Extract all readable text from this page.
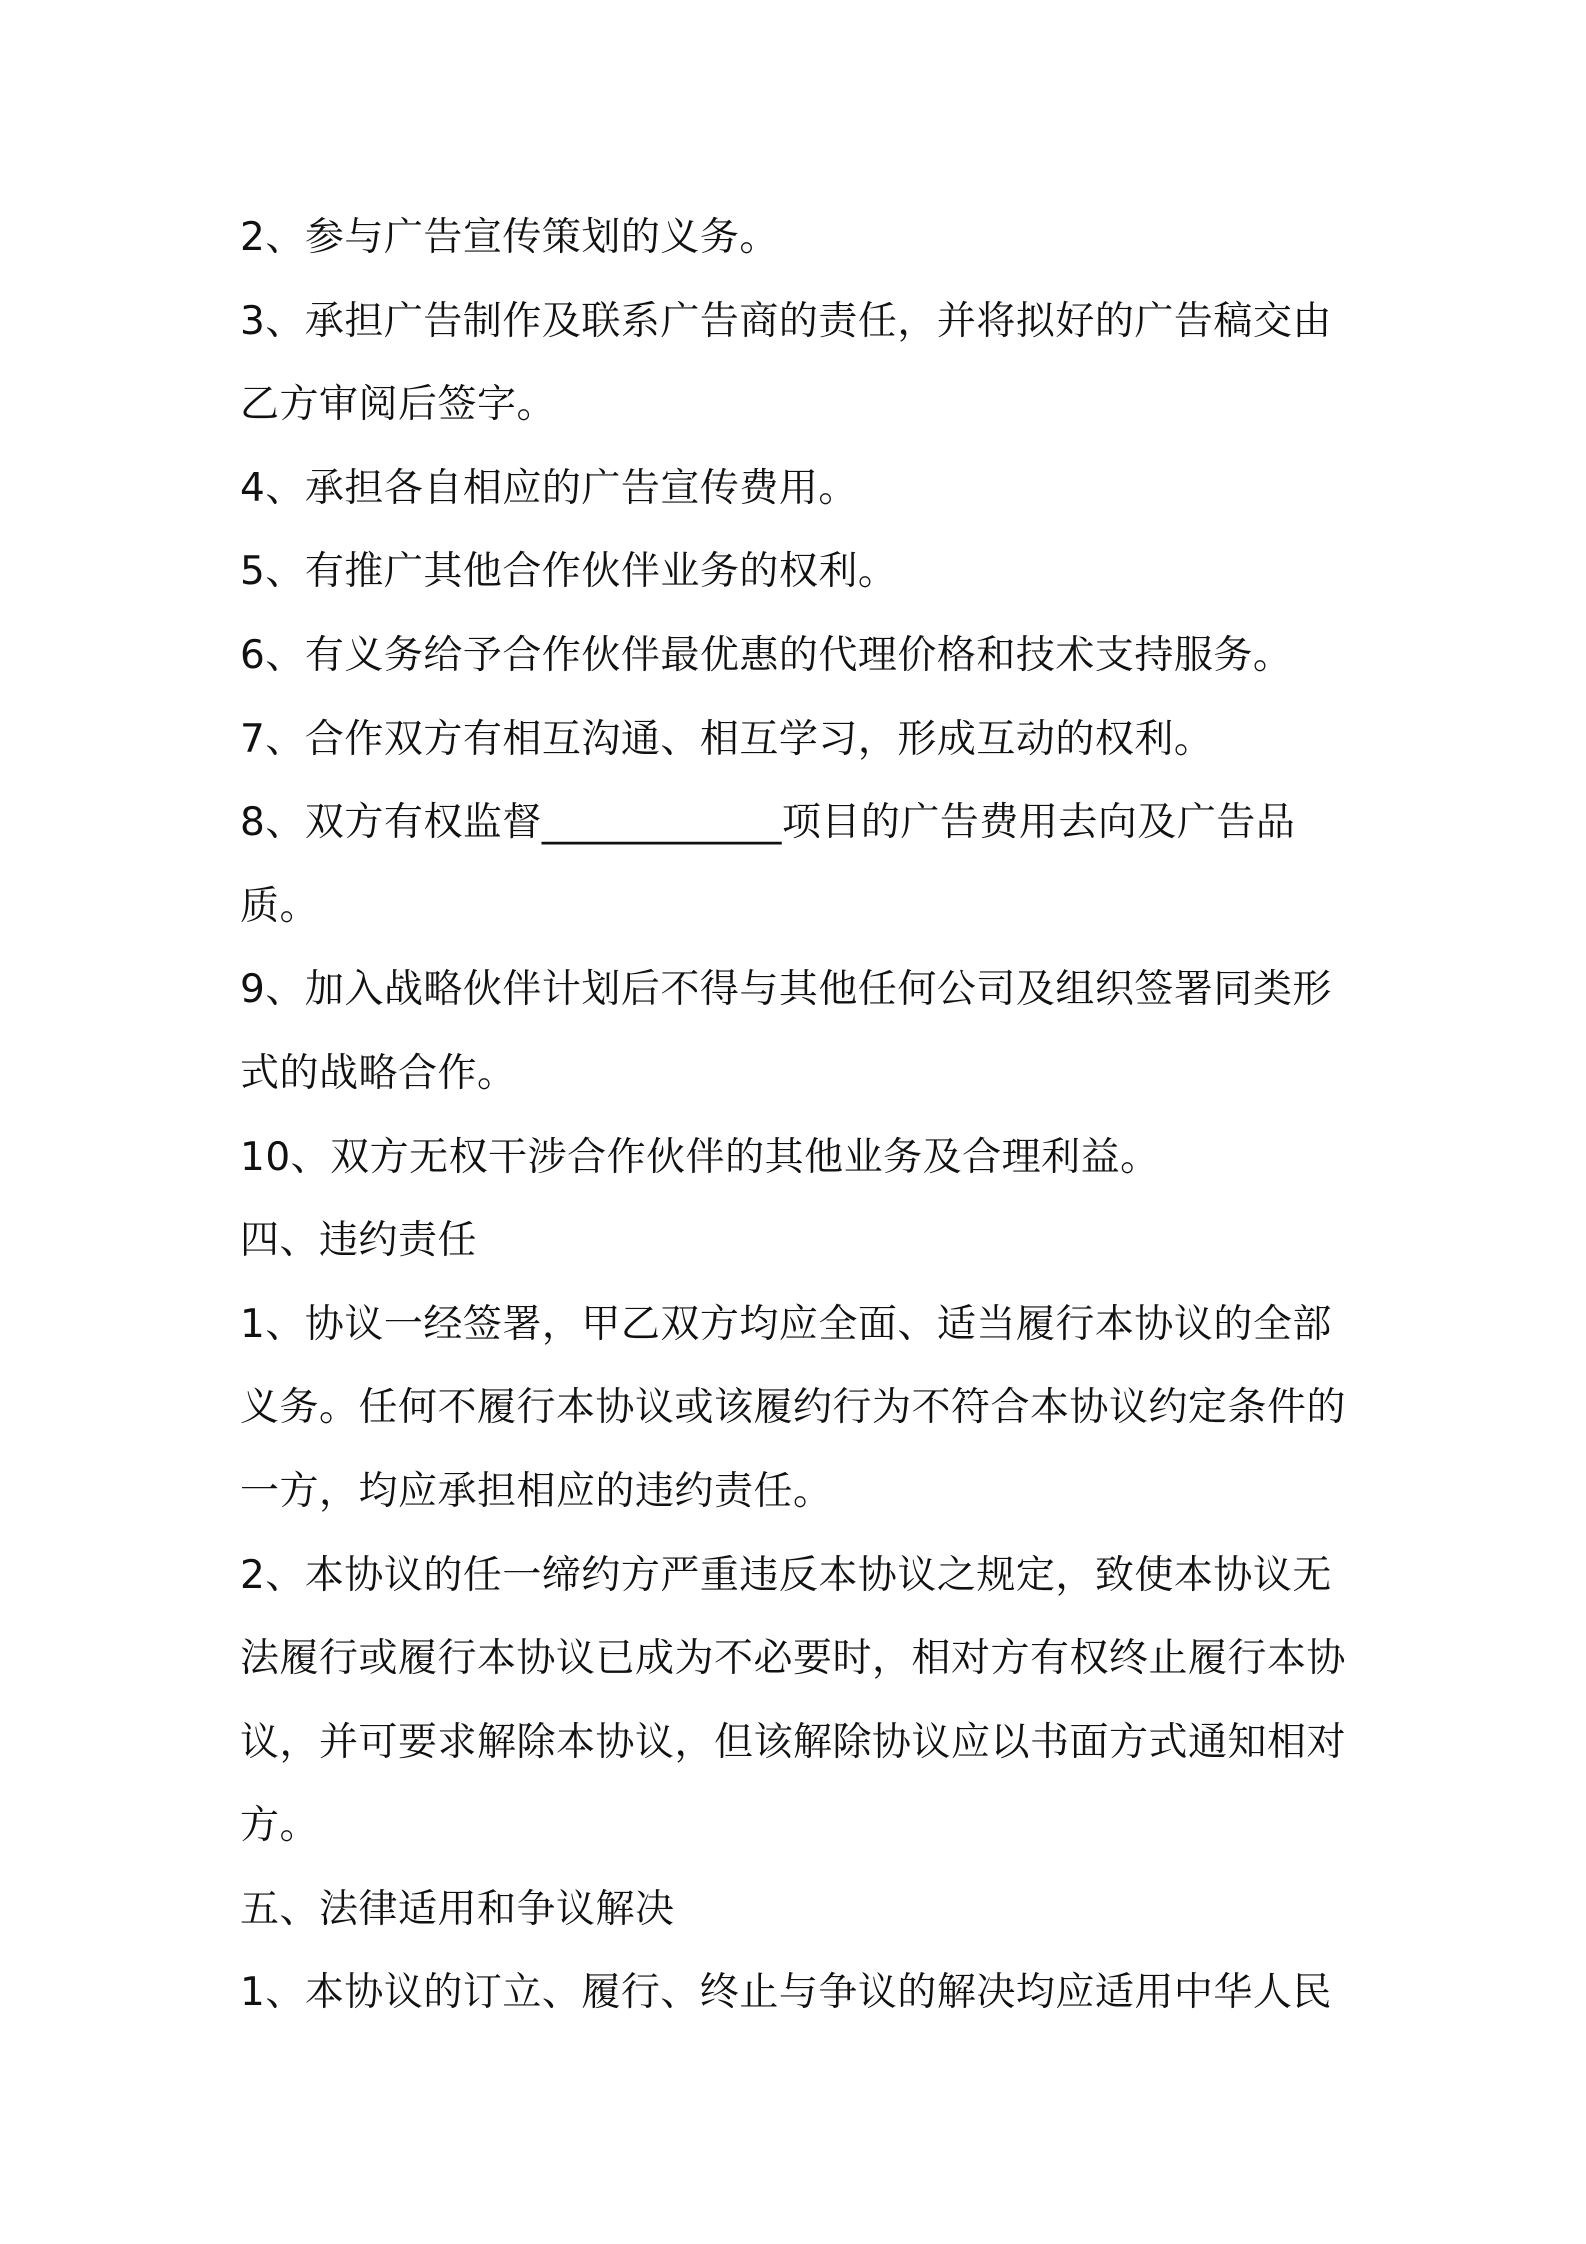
2、参与广告宣传策划的义务。

3、承担广告制作及联系广告商的责任，并将拟好的广告稿交由

乙方审阅后签字。

4、承担各自相应的广告宣传费用。

5、有推广其他合作伙伴业务的权利。

6、有义务给予合作伙伴最优惠的代理价格和技术支持服务。

7、合作双方有相互沟通、相互学习，形成互动的权利。

8、双方有权监督____________项目的广告费用去向及广告品

质。

9、加入战略伙伴计划后不得与其他任何公司及组织签署同类形

式的战略合作。

10、双方无权干涉合作伙伴的其他业务及合理利益。

四、违约责任

1、协议一经签署，甲乙双方均应全面、适当履行本协议的全部

义务。任何不履行本协议或该履约行为不符合本协议约定条件的

一方，均应承担相应的违约责任。

2、本协议的任一缔约方严重违反本协议之规定，致使本协议无

法履行或履行本协议已成为不必要时，相对方有权终止履行本协

议，并可要求解除本协议，但该解除协议应以书面方式通知相对

方。

五、法律适用和争议解决

1、本协议的订立、履行、终止与争议的解决均应适用中华人民
